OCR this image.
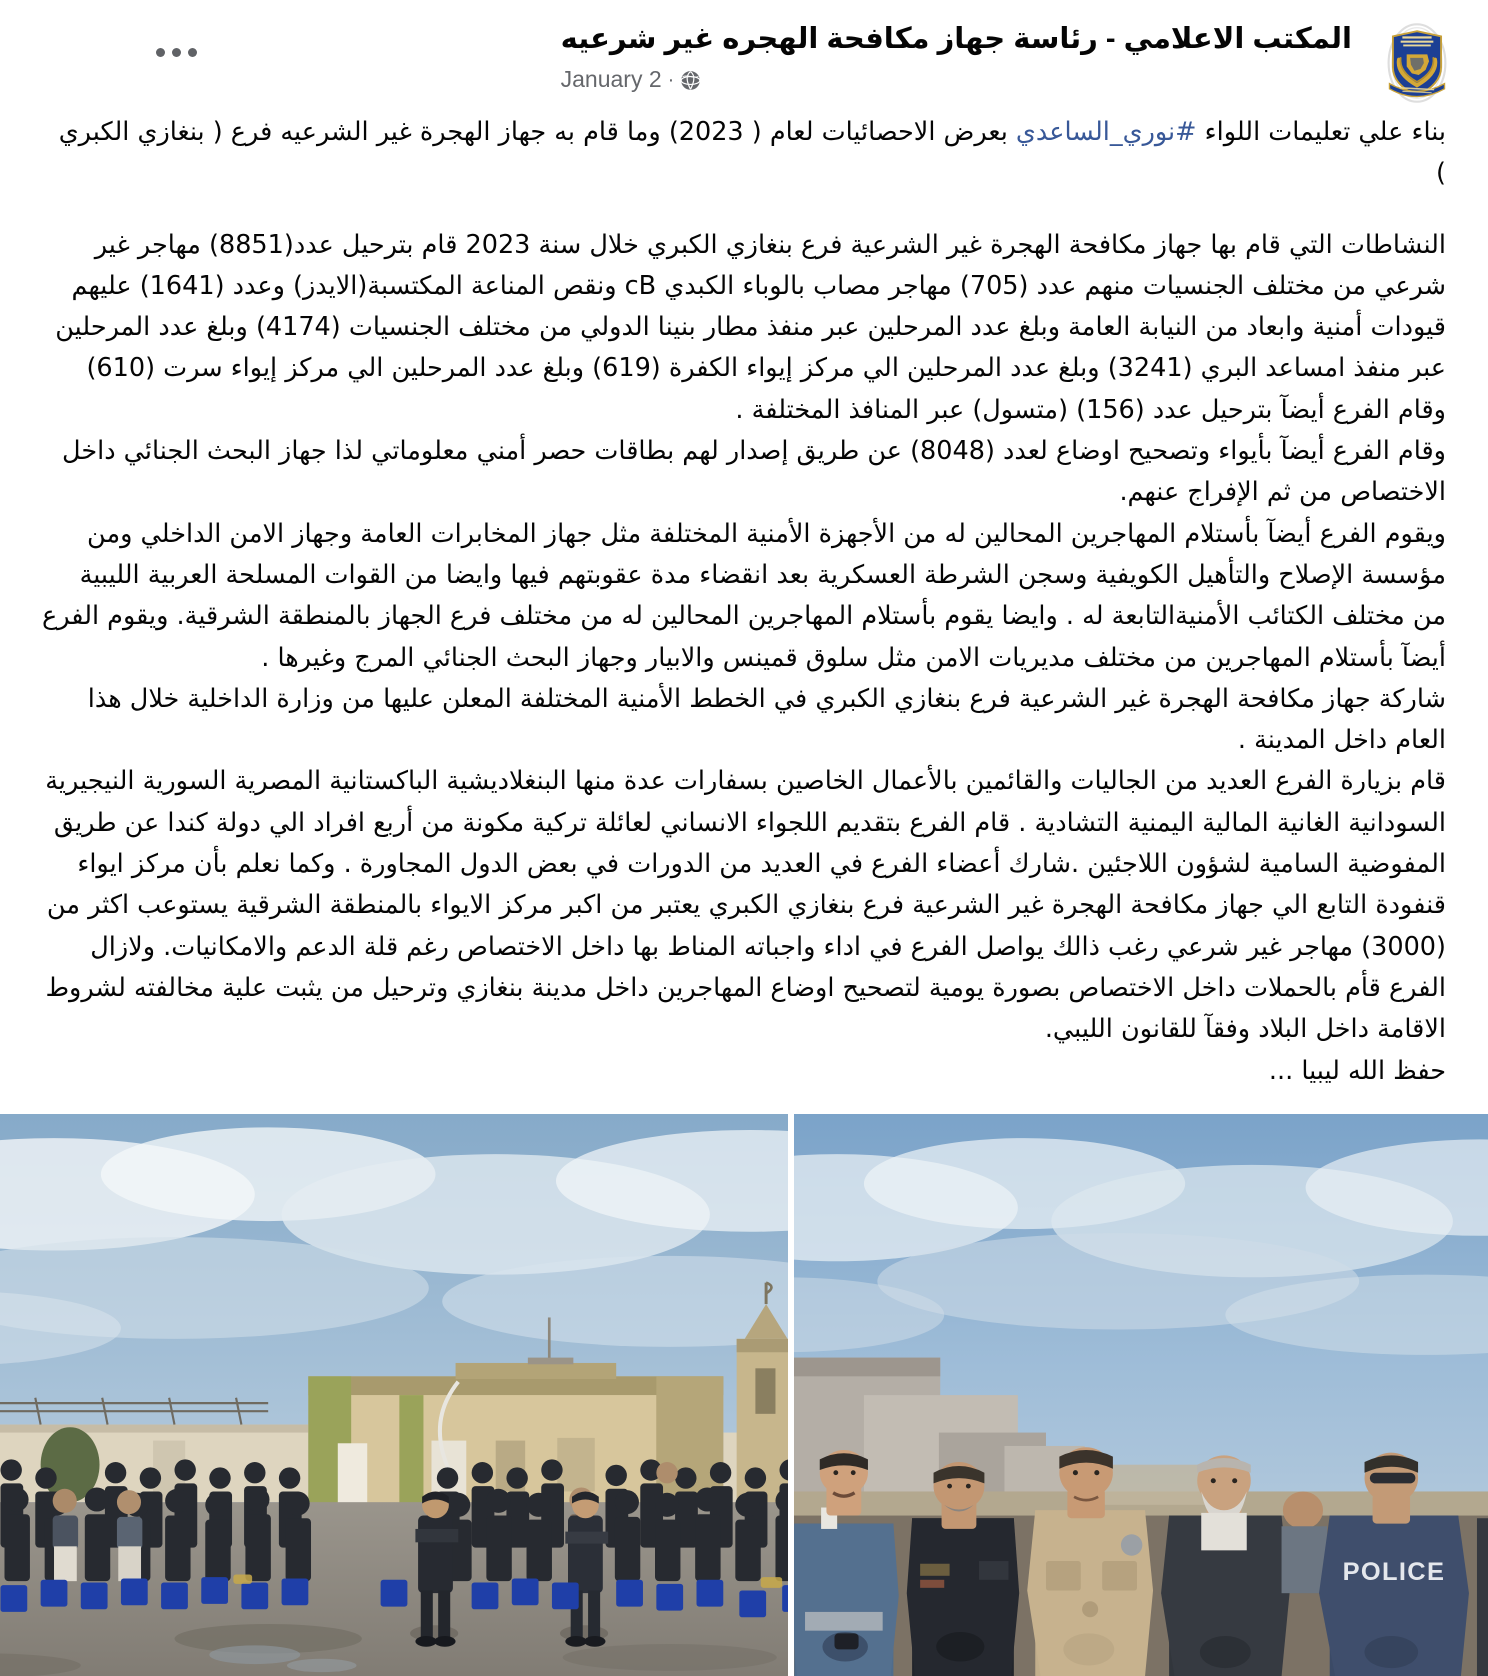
المكتب الاعلامي - رئاسة جهاز مكافحة الهجره غير شرعيه
January 2 ·
بناء علي تعليمات اللواء #نوري_الساعدي بعرض الاحصائيات لعام ( 2023) وما قام به جهاز الهجرة غير الشرعيه فرع ( بنغازي الكبري )
النشاطات التي قام بها جهاز مكافحة الهجرة غير الشرعية فرع بنغازي الكبري خلال سنة 2023 قام بترحيل عدد(8851) مهاجر غير شرعي من مختلف الجنسيات منهم عدد (705) مهاجر مصاب بالوباء الكبدي cB ونقص المناعة المكتسبة(الايدز) وعدد (1641) عليهم قيودات أمنية وابعاد من النيابة العامة وبلغ عدد المرحلين عبر منفذ مطار بنينا الدولي من مختلف الجنسيات (4174) وبلغ عدد المرحلين عبر منفذ امساعد البري (3241) وبلغ عدد المرحلين الي مركز إيواء الكفرة (619) وبلغ عدد المرحلين الي مركز إيواء سرت (610) وقام الفرع أيضآ بترحيل عدد (156) (متسول) عبر المنافذ المختلفة .
وقام الفرع أيضآ بأيواء وتصحيح اوضاع لعدد (8048) عن طريق إصدار لهم بطاقات حصر أمني معلوماتي لذا جهاز البحث الجنائي داخل الاختصاص من ثم الإفراج عنهم.
ويقوم الفرع أيضآ بأستلام المهاجرين المحالين له من الأجهزة الأمنية المختلفة مثل جهاز المخابرات العامة وجهاز الامن الداخلي ومن مؤسسة الإصلاح والتأهيل الكويفية وسجن الشرطة العسكرية بعد انقضاء مدة عقوبتهم فيها وايضا من القوات المسلحة العربية الليبية من مختلف الكتائب الأمنيةالتابعة له . وايضا يقوم بأستلام المهاجرين المحالين له من مختلف فرع الجهاز بالمنطقة الشرقية. ويقوم الفرع أيضآ بأستلام المهاجرين من مختلف مديريات الامن مثل سلوق قمينس والابيار وجهاز البحث الجنائي المرج وغيرها .
شاركة جهاز مكافحة الهجرة غير الشرعية فرع بنغازي الكبري في الخطط الأمنية المختلفة المعلن عليها من وزارة الداخلية خلال هذا العام داخل المدينة .
قام بزيارة الفرع العديد من الجاليات والقائمين بالأعمال الخاصين بسفارات عدة منها البنغلاديشية الباكستانية المصرية السورية النيجيرية السودانية الغانية المالية اليمنية التشادية . قام الفرع بتقديم اللجواء الانساني لعائلة تركية مكونة من أربع افراد الي دولة كندا عن طريق المفوضية السامية لشؤون اللاجئين .شارك أعضاء الفرع في العديد من الدورات في بعض الدول المجاورة . وكما نعلم بأن مركز ايواء قنفودة التابع الي جهاز مكافحة الهجرة غير الشرعية فرع بنغازي الكبري يعتبر من اكبر مركز الايواء بالمنطقة الشرقية يستوعب اكثر من (3000) مهاجر غير شرعي رغب ذالك يواصل الفرع في اداء واجباته المناط بها داخل الاختصاص رغم قلة الدعم والامكانيات. ولازال الفرع قأم بالحملات داخل الاختصاص بصورة يومية لتصحيح اوضاع المهاجرين داخل مدينة بنغازي وترحيل من يثبت علية مخالفته لشروط الاقامة داخل البلاد وفقآ للقانون الليبي.
حفظ الله ليبيا ...
POLICE
